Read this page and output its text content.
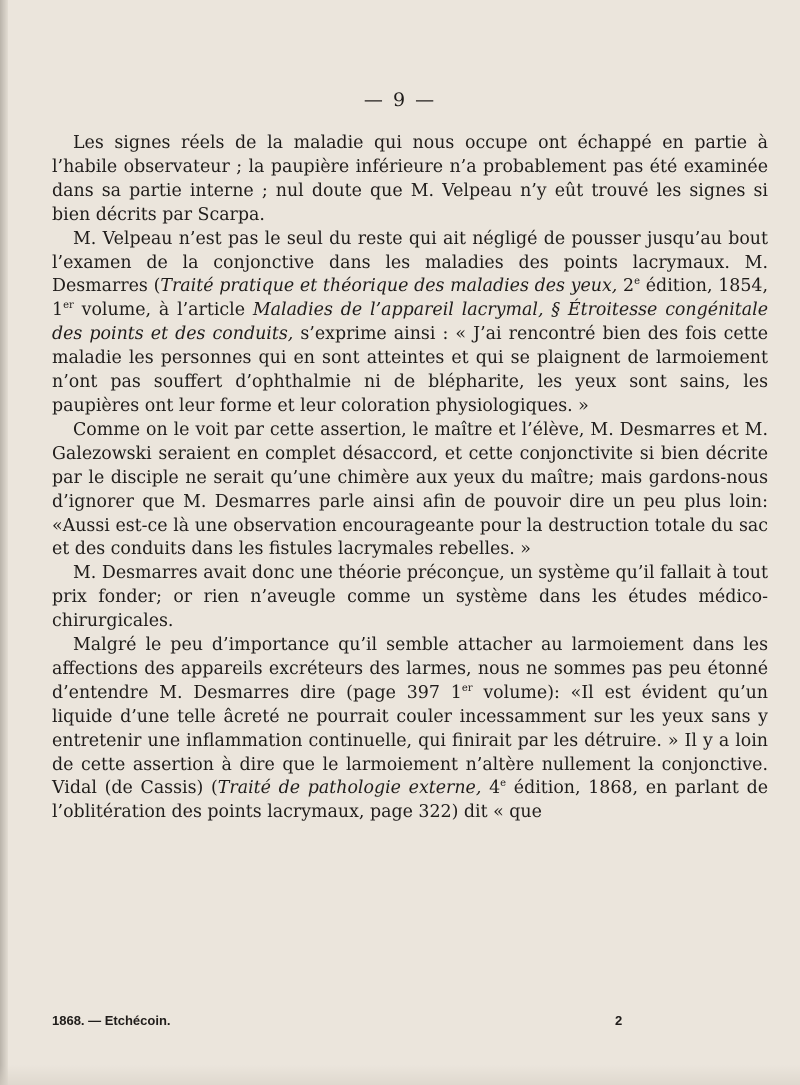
— 9 —

Les signes réels de la maladie qui nous occupe ont échappé en partie à l’habile observateur ; la paupière inférieure n’a probablement pas été examinée dans sa partie interne ; nul doute que M. Velpeau n’y eût trouvé les signes si bien décrits par Scarpa.

M. Velpeau n’est pas le seul du reste qui ait négligé de pousser jusqu’au bout l’examen de la conjonctive dans les maladies des points lacrymaux. M. Desmarres (Traité pratique et théorique des maladies des yeux, 2e édition, 1854, 1er volume, à l’article Maladies de l’appareil lacrymal, § Étroitesse congénitale des points et des conduits, s’exprime ainsi : « J’ai rencontré bien des fois cette maladie les personnes qui en sont atteintes et qui se plaignent de larmoiement n’ont pas souffert d’ophthalmie ni de blépharite, les yeux sont sains, les paupières ont leur forme et leur coloration physiologiques. »

Comme on le voit par cette assertion, le maître et l’élève, M. Desmarres et M. Galezowski seraient en complet désaccord, et cette conjonctivite si bien décrite par le disciple ne serait qu’une chimère aux yeux du maître; mais gardons-nous d’ignorer que M. Desmarres parle ainsi afin de pouvoir dire un peu plus loin: «Aussi est-ce là une observation encourageante pour la destruction totale du sac et des conduits dans les fistules lacrymales rebelles. »

M. Desmarres avait donc une théorie préconçue, un système qu’il fallait à tout prix fonder; or rien n’aveugle comme un système dans les études médico-chirurgicales.

Malgré le peu d’importance qu’il semble attacher au larmoiement dans les affections des appareils excréteurs des larmes, nous ne sommes pas peu étonné d’entendre M. Desmarres dire (page 397 1er volume): «Il est évident qu’un liquide d’une telle âcreté ne pourrait couler incessamment sur les yeux sans y entretenir une inflammation continuelle, qui finirait par les détruire. » Il y a loin de cette assertion à dire que le larmoiement n’altère nullement la conjonctive. Vidal (de Cassis) (Traité de pathologie externe, 4e édition, 1868, en parlant de l’oblitération des points lacrymaux, page 322) dit « que

1868. — Etchécoin.	2
